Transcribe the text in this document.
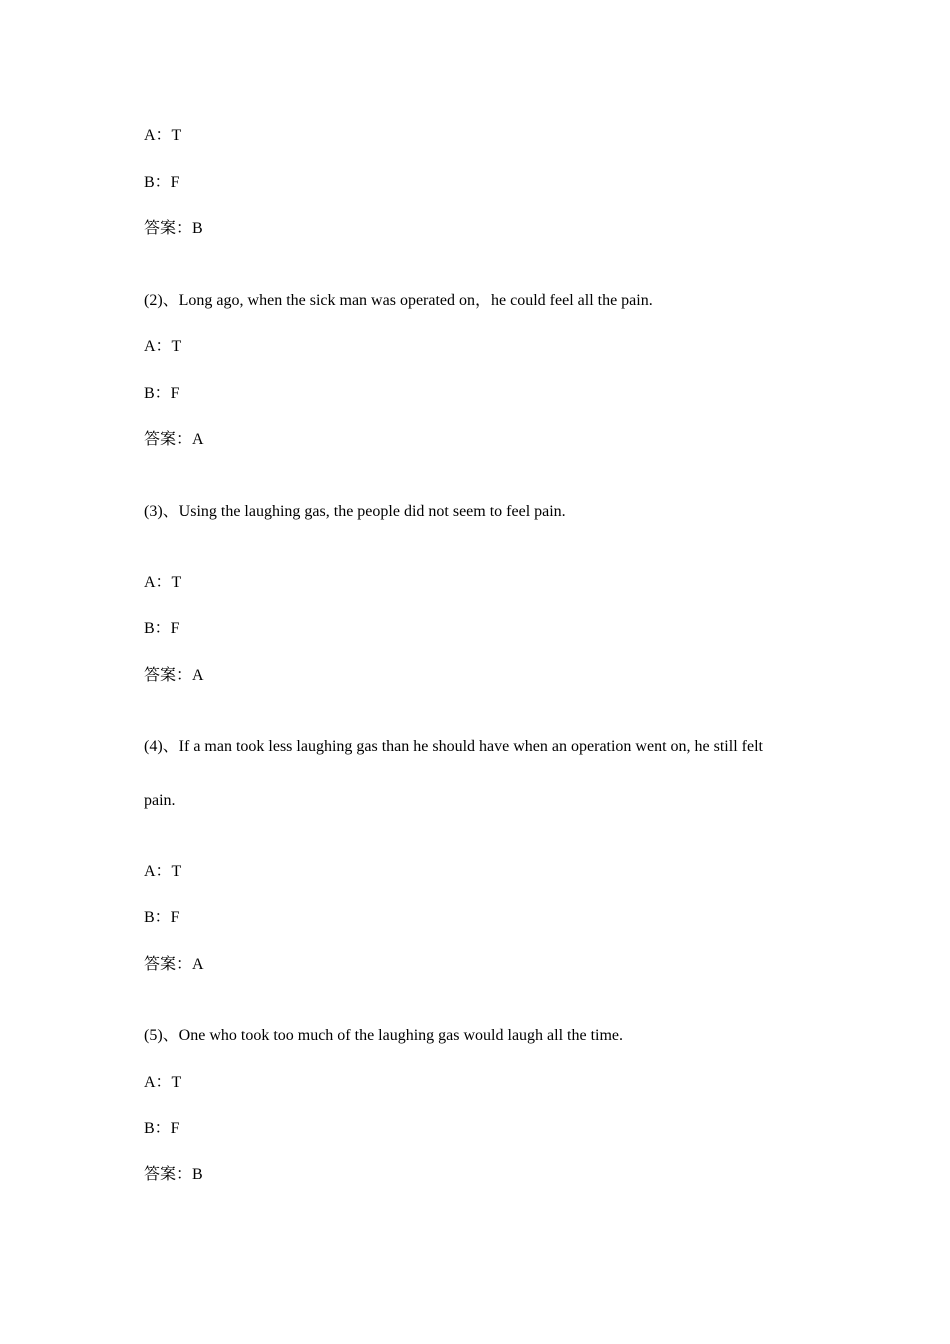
A：T
B：F
答案：B
(2)、Long ago, when the sick man was operated on，he could feel all the pain.
A：T
B：F
答案：A
(3)、Using the laughing gas, the people did not seem to feel pain.
A：T
B：F
答案：A
(4)、If a man took less laughing gas than he should have when an operation went on, he still felt
pain.
A：T
B：F
答案：A
(5)、One who took too much of the laughing gas would laugh all the time.
A：T
B：F
答案：B
